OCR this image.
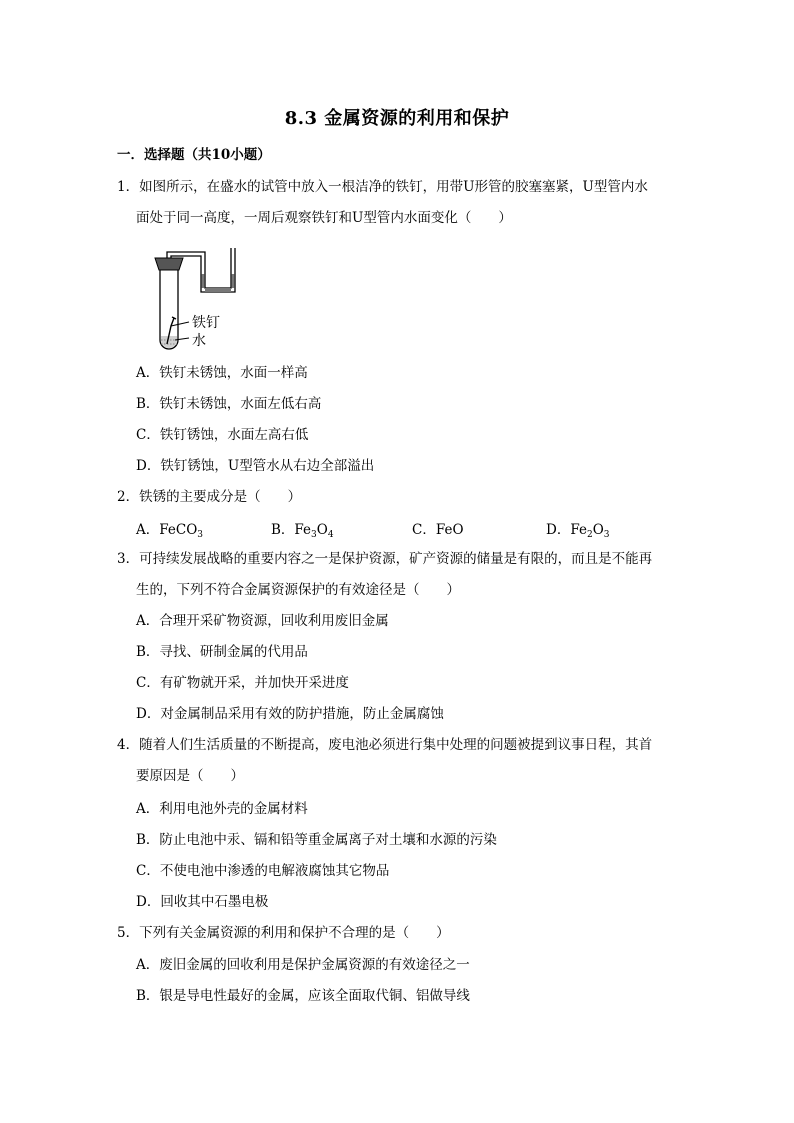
8.3 金属资源的利用和保护
一．选择题（共10小题）
1．如图所示，在盛水的试管中放入一根洁净的铁钉，用带U形管的胶塞塞紧，U型管内水
面处于同一高度，一周后观察铁钉和U型管内水面变化（　　）
铁钉
水
A．铁钉未锈蚀，水面一样高
B．铁钉未锈蚀，水面左低右高
C．铁钉锈蚀，水面左高右低
D．铁钉锈蚀，U型管水从右边全部溢出
2．铁锈的主要成分是（　　）
A．FeCO$_3$	B．$Fe_3O_4$	C．FeO	D．$Fe_2O_3$
3．可持续发展战略的重要内容之一是保护资源，矿产资源的储量是有限的，而且是不能再
生的，下列不符合金属资源保护的有效途径是（　　）
A．合理开采矿物资源，回收利用废旧金属
B．寻找、研制金属的代用品
C．有矿物就开采，并加快开采进度
D．对金属制品采用有效的防护措施，防止金属腐蚀
4．随着人们生活质量的不断提高，废电池必须进行集中处理的问题被提到议事日程，其首
要原因是（　　）
A．利用电池外壳的金属材料
B．防止电池中汞、镉和铅等重金属离子对土壤和水源的污染
C．不使电池中渗透的电解液腐蚀其它物品
D．回收其中石墨电极
5．下列有关金属资源的利用和保护不合理的是（　　）
A．废旧金属的回收利用是保护金属资源的有效途径之一
B．银是导电性最好的金属，应该全面取代铜、铝做导线
